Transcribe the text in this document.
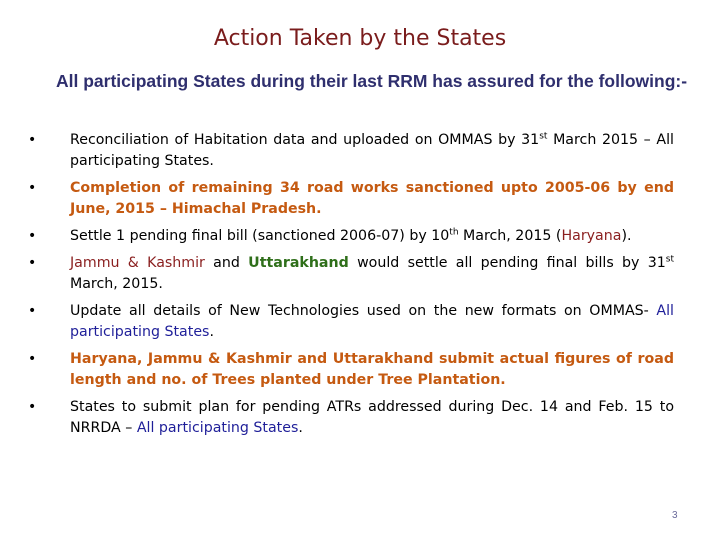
Action Taken by the States
All participating States during their last RRM has assured for the following:-
• Reconciliation of Habitation data and uploaded on OMMAS by 31st March 2015 – All participating States.
• Completion of remaining 34 road works sanctioned upto 2005-06 by end June, 2015 – Himachal Pradesh.
• Settle 1 pending final bill (sanctioned 2006-07) by 10th March, 2015 (Haryana).
• Jammu & Kashmir and Uttarakhand would settle all pending final bills by 31st March, 2015.
• Update all details of New Technologies used on the new formats on OMMAS- All participating States.
• Haryana, Jammu & Kashmir and Uttarakhand submit actual figures of road length and no. of Trees planted under Tree Plantation.
• States to submit plan for pending ATRs addressed during Dec. 14 and Feb. 15 to NRRDA – All participating States.
3
